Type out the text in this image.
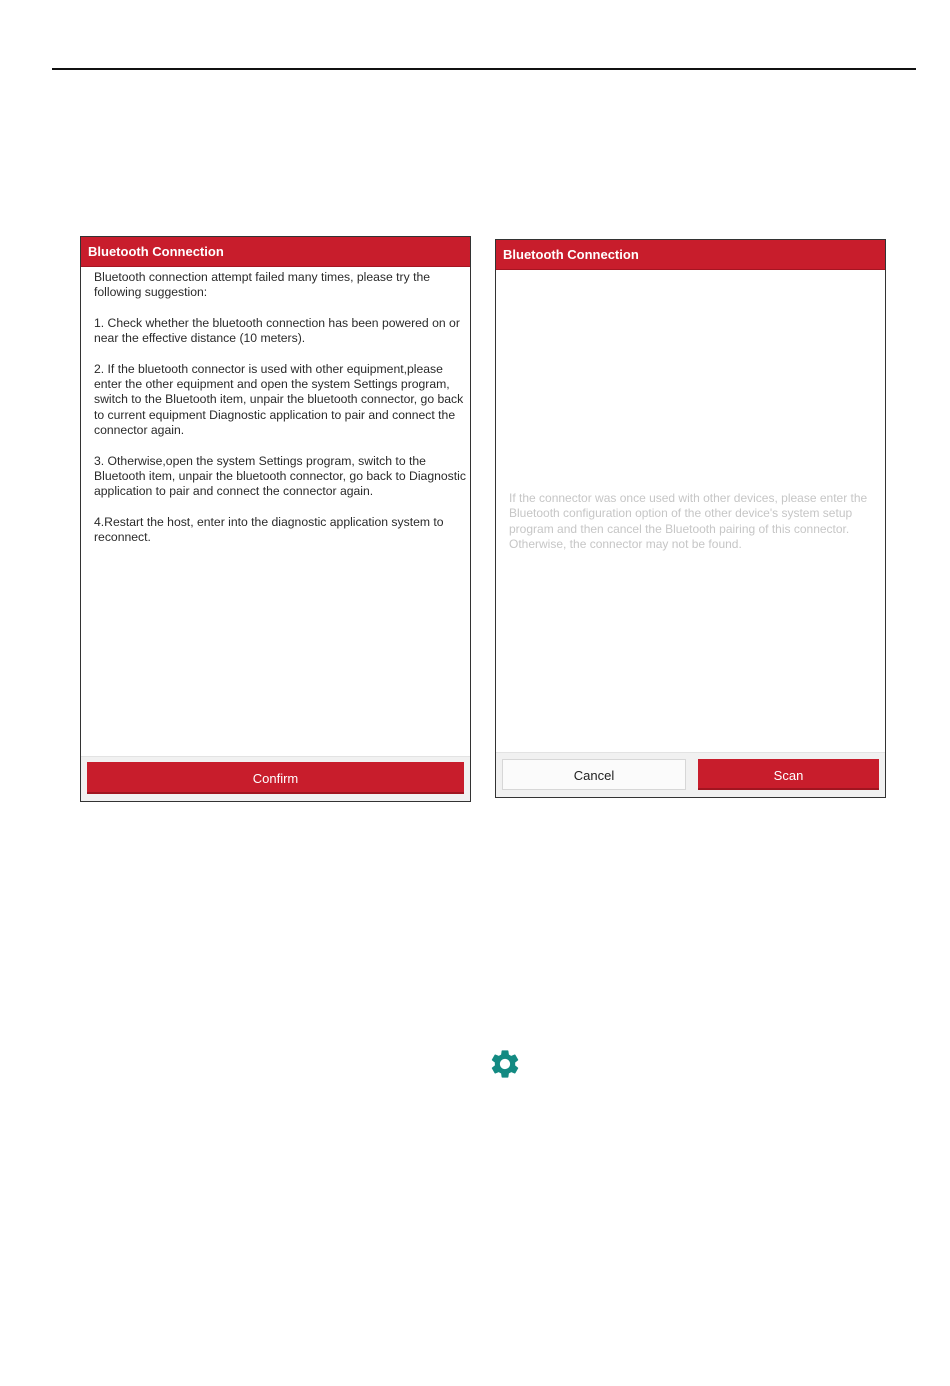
Bluetooth Connection

Bluetooth connection attempt failed many times, please try the following suggestion:

1. Check whether the bluetooth connection has been powered on or near the effective distance (10 meters).

2. If the bluetooth connector is used with other equipment,please enter the other equipment and open the system Settings program, switch to the Bluetooth item, unpair the bluetooth connector, go back to current equipment Diagnostic application to pair and connect the connector again.

3. Otherwise,open the system Settings program, switch to the Bluetooth item, unpair the bluetooth connector, go back to Diagnostic application to pair and connect the connector again.

4.Restart the host, enter into the diagnostic application system to reconnect.

Confirm
Bluetooth Connection
If the connector was once used with other devices, please enter the Bluetooth configuration option of the other device's system setup program and then cancel the Bluetooth pairing of this connector. Otherwise, the connector may not be found.
Cancel	Scan
